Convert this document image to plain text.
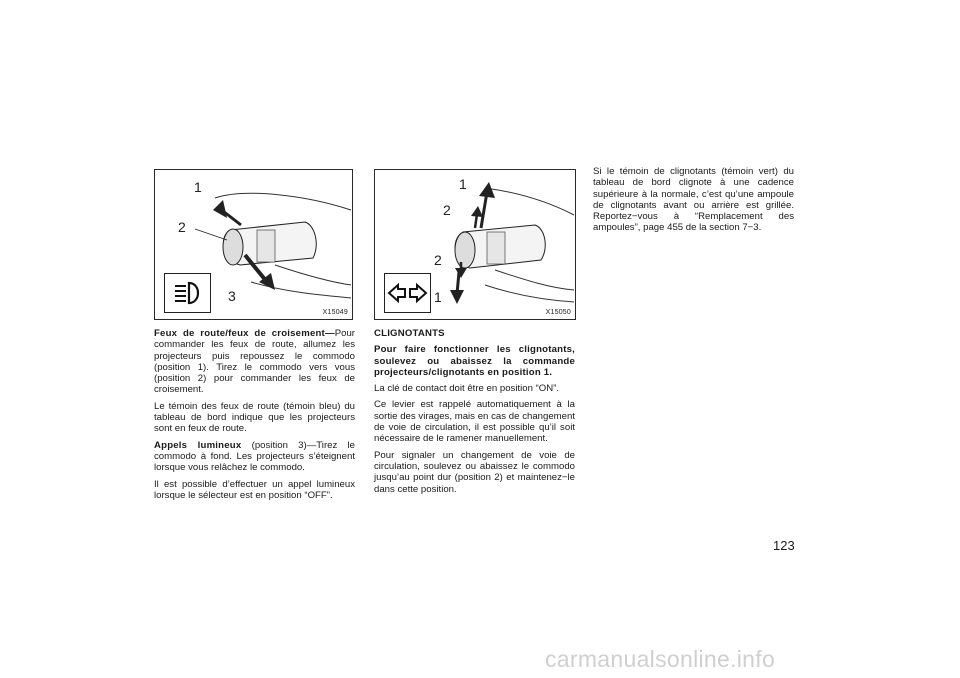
1
2
3
X15049
1
2
2
1
X15050

Feux de route/feux de croisement—Pour commander les feux de route, allumez les projecteurs puis repoussez le commodo (position 1). Tirez le commodo vers vous (position 2) pour commander les feux de croisement.

Le témoin des feux de route (témoin bleu) du tableau de bord indique que les projecteurs sont en feux de route.

Appels lumineux (position 3)—Tirez le commodo à fond. Les projecteurs s’éteignent lorsque vous relâchez le commodo.

Il est possible d’effectuer un appel lumineux lorsque le sélecteur est en position “OFF”.

CLIGNOTANTS

Pour faire fonctionner les clignotants, soulevez ou abaissez la commande projecteurs/clignotants en position 1.

La clé de contact doit être en position “ON”.

Ce levier est rappelé automatiquement à la sortie des virages, mais en cas de changement de voie de circulation, il est possible qu’il soit nécessaire de le ramener manuellement.

Pour signaler un changement de voie de circulation, soulevez ou abaissez le commodo jusqu’au point dur (position 2) et maintenez−le dans cette position.

Si le témoin de clignotants (témoin vert) du tableau de bord clignote à une cadence supérieure à la normale, c’est qu’une ampoule de clignotants avant ou arrière est grillée. Reportez−vous à “Remplacement des ampoules”, page 455 de la section 7−3.

123
carmanualsonline.info
